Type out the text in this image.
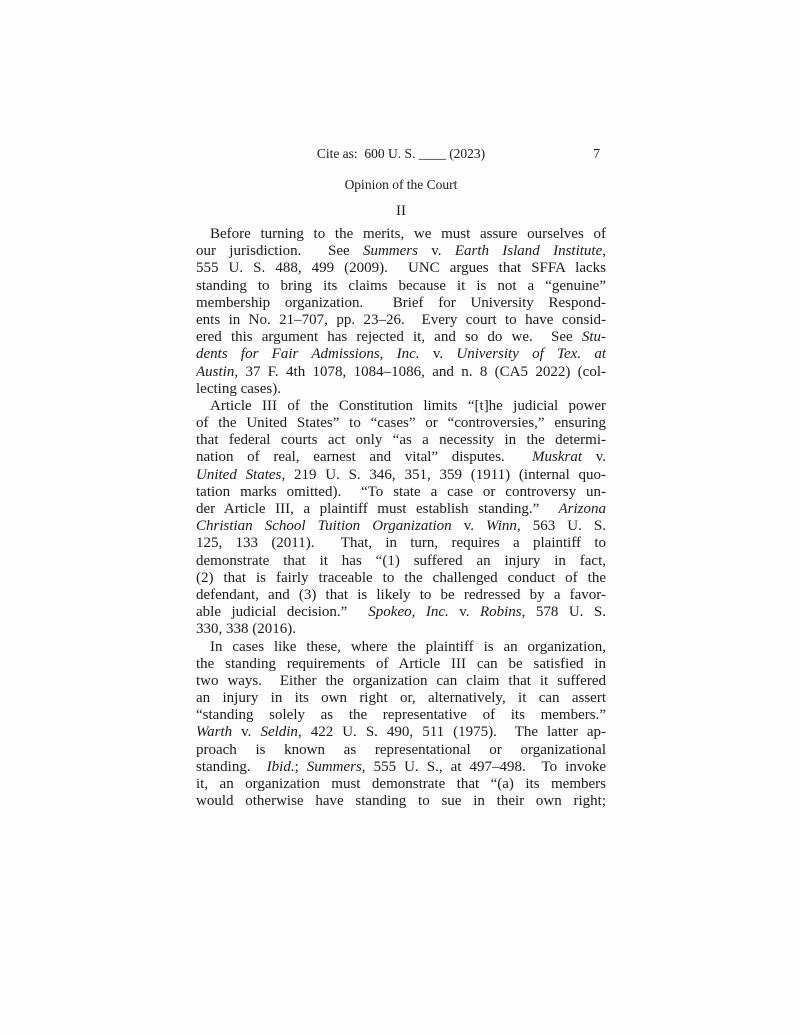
Cite as:  600 U. S. ____ (2023)	7
Opinion of the Court
II
Before turning to the merits, we must assure ourselves of
our jurisdiction.  See Summers v. Earth Island Institute,
555 U. S. 488, 499 (2009).  UNC argues that SFFA lacks
standing to bring its claims because it is not a “genuine”
membership organization.  Brief for University Respond-
ents in No. 21–707, pp. 23–26.  Every court to have consid-
ered this argument has rejected it, and so do we.  See Stu-
dents for Fair Admissions, Inc. v. University of Tex. at
Austin, 37 F. 4th 1078, 1084–1086, and n. 8 (CA5 2022) (col-
lecting cases).
Article III of the Constitution limits “[t]he judicial power
of the United States” to “cases” or “controversies,” ensuring
that federal courts act only “as a necessity in the determi-
nation of real, earnest and vital” disputes.  Muskrat v.
United States, 219 U. S. 346, 351, 359 (1911) (internal quo-
tation marks omitted).  “To state a case or controversy un-
der Article III, a plaintiff must establish standing.”  Arizona
Christian School Tuition Organization v. Winn, 563 U. S.
125, 133 (2011).  That, in turn, requires a plaintiff to
demonstrate that it has “(1) suffered an injury in fact,
(2) that is fairly traceable to the challenged conduct of the
defendant, and (3) that is likely to be redressed by a favor-
able judicial decision.”  Spokeo, Inc. v. Robins, 578 U. S.
330, 338 (2016).
In cases like these, where the plaintiff is an organization,
the standing requirements of Article III can be satisfied in
two ways.  Either the organization can claim that it suffered
an injury in its own right or, alternatively, it can assert
“standing solely as the representative of its members.”
Warth v. Seldin, 422 U. S. 490, 511 (1975).  The latter ap-
proach is known as representational or organizational
standing.  Ibid.; Summers, 555 U. S., at 497–498.  To invoke
it, an organization must demonstrate that “(a) its members
would otherwise have standing to sue in their own right;
